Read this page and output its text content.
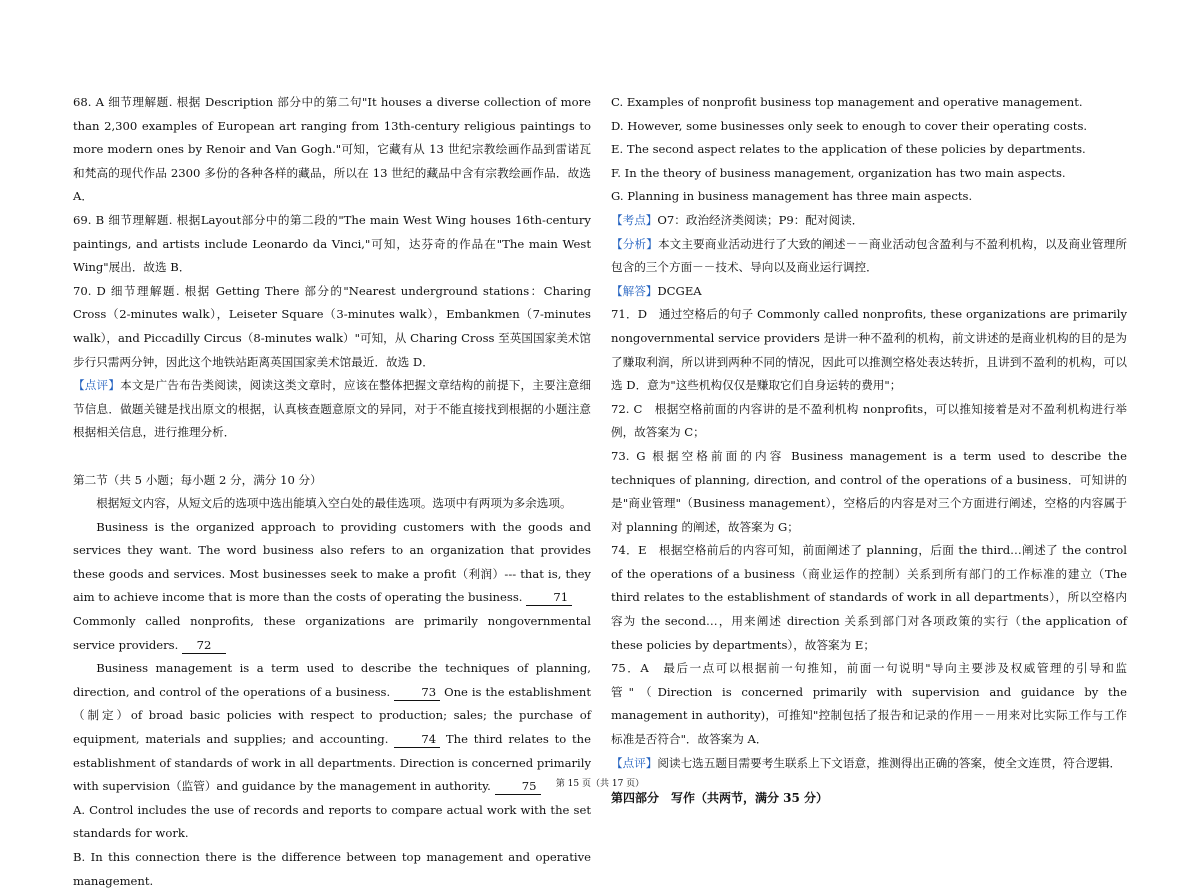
68. A 细节理解题. 根据 Description 部分中的第二句"It houses a diverse collection of more than 2,300 examples of European art ranging from 13th-century religious paintings to more modern ones by Renoir and Van Gogh."可知，它藏有从 13 世纪宗教绘画作品到雷诺瓦和梵高的现代作品 2300 多份的各种各样的藏品，所以在 13 世纪的藏品中含有宗教绘画作品．故选 A．

69. B 细节理解题. 根据Layout部分中的第二段的"The main West Wing houses 16th-century paintings, and artists include Leonardo da Vinci,"可知，达芬奇的作品在"The main West Wing"展出．故选 B．

70. D 细节理解题. 根据 Getting There 部分的"Nearest underground stations：Charing Cross（2-minutes walk），Leiseter Square（3-minutes walk），Embankmen（7-minutes walk），and Piccadilly Circus（8-minutes walk）"可知，从 Charing Cross 至英国国家美术馆步行只需两分钟，因此这个地铁站距离英国国家美术馆最近．故选 D．

【点评】本文是广告布告类阅读，阅读这类文章时，应该在整体把握文章结构的前提下，主要注意细节信息．做题关键是找出原文的根据，认真核查题意原文的异同，对于不能直接找到根据的小题注意根据相关信息，进行推理分析．

第二节（共 5 小题；每小题 2 分，满分 10 分）

根据短文内容，从短文后的选项中选出能填入空白处的最佳选项。选项中有两项为多余选项。

Business is the organized approach to providing customers with the goods and services they want. The word business also refers to an organization that provides these goods and services. Most businesses seek to make a profit（利润）--- that is, they aim to achieve income that is more than the costs of operating the business.	71

Commonly called nonprofits, these organizations are primarily nongovernmental service providers. 72

Business management is a term used to describe the techniques of planning, direction, and control of the operations of a business.	73 One is the establishment（制定）of broad basic policies with respect to production; sales; the purchase of equipment, materials and supplies; and accounting.	74 The third relates to the establishment of standards of work in all departments. Direction is concerned primarily with supervision（监管）and guidance by the management in authority.	75

A. Control includes the use of records and reports to compare actual work with the set standards for work.

B. In this connection there is the difference between top management and operative management.

C. Examples of nonprofit business top management and operative management.

D. However, some businesses only seek to enough to cover their operating costs.

E. The second aspect relates to the application of these policies by departments.

F. In the theory of business management, organization has two main aspects.

G. Planning in business management has three main aspects.

【考点】O7：政治经济类阅读；P9：配对阅读．

【分析】本文主要商业活动进行了大致的阐述－－商业活动包含盈利与不盈利机构，以及商业管理所包含的三个方面－－技术、导向以及商业运行调控．

【解答】DCGEA

71．D　通过空格后的句子 Commonly called nonprofits, these organizations are primarily nongovernmental service providers 是讲一种不盈利的机构，前文讲述的是商业机构的目的是为了赚取利润，所以讲到两种不同的情况，因此可以推测空格处表达转折，且讲到不盈利的机构，可以选 D．意为"这些机构仅仅是赚取它们自身运转的费用"；

72. C　根据空格前面的内容讲的是不盈利机构 nonprofits，可以推知接着是对不盈利机构进行举例，故答案为 C；

73. G 根据空格前面的内容 Business management is a term used to describe the techniques of planning, direction, and control of the operations of a business．可知讲的是"商业管理"（Business management），空格后的内容是对三个方面进行阐述，空格的内容属于对 planning 的阐述，故答案为 G；

74．E　根据空格前后的内容可知，前面阐述了 planning，后面 the third…阐述了 the control of the operations of a business（商业运作的控制）关系到所有部门的工作标准的建立（The third relates to the establishment of standards of work in all departments），所以空格内容为 the second…，用来阐述 direction 关系到部门对各项政策的实行（the application of these policies by departments），故答案为 E；

75．A　最后一点可以根据前一句推知，前面一句说明"导向主要涉及权威管理的引导和监管"（Direction is concerned primarily with supervision and guidance by the management in authority)，可推知"控制包括了报告和记录的作用－－用来对比实际工作与工作标准是否符合"．故答案为 A．

【点评】阅读七选五题目需要考生联系上下文语意，推测得出正确的答案，使全文连贯，符合逻辑．

第四部分　写作（共两节，满分 35 分）

第 15 页（共 17 页）
